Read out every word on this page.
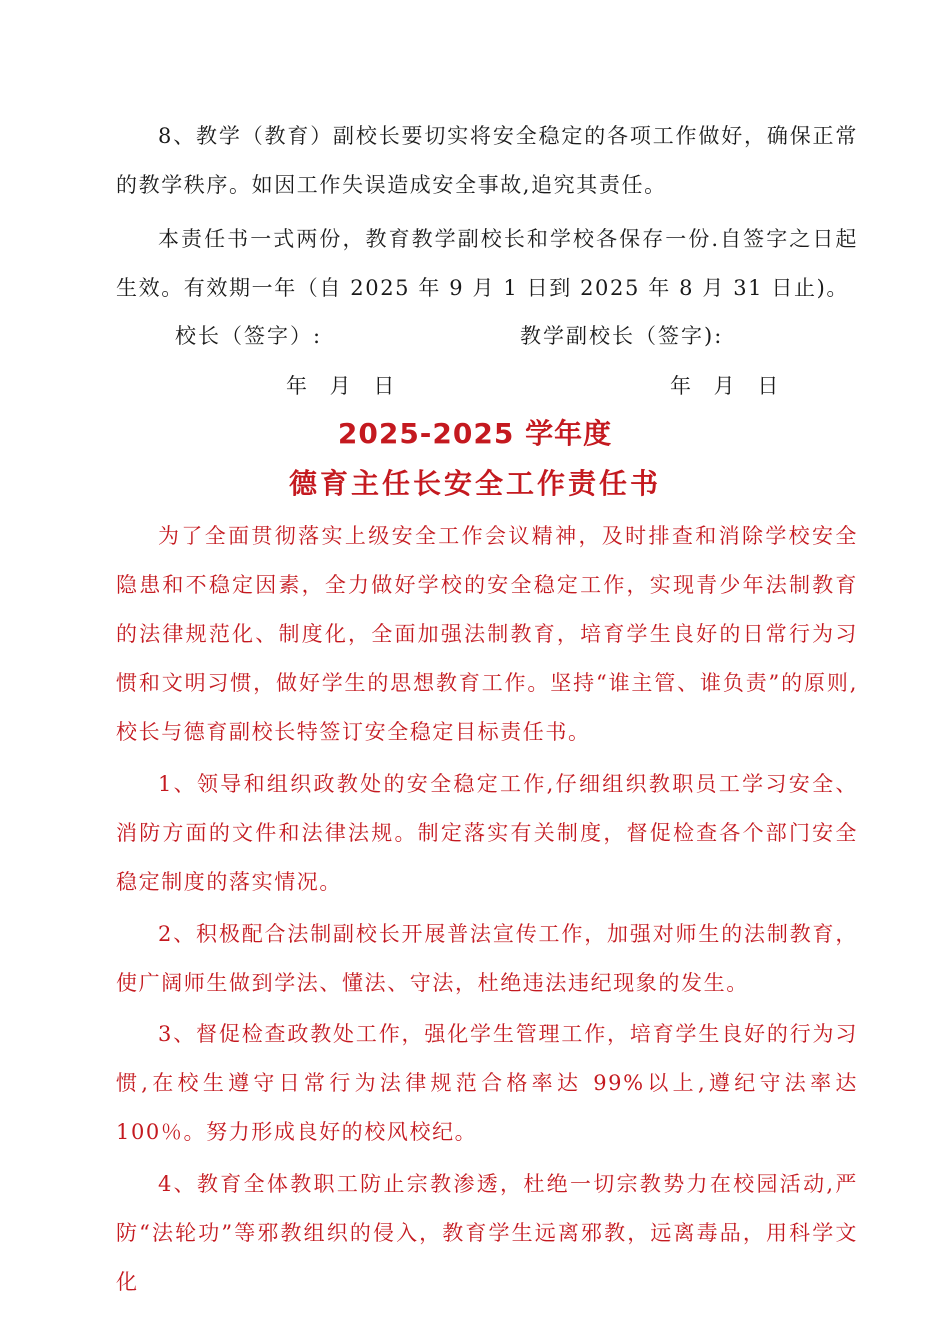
8、教学（教育）副校长要切实将安全稳定的各项工作做好，确保正常的教学秩序。如因工作失误造成安全事故,追究其责任。

本责任书一式两份，教育教学副校长和学校各保存一份.自签字之日起生效。有效期一年（自 2025 年 9 月 1 日到 2025 年 8 月 31 日止)。

校长（签字）:	教学副校长（签字):
年 月 日	年 月 日
2025-2025 学年度
德育主任长安全工作责任书

为了全面贯彻落实上级安全工作会议精神，及时排查和消除学校安全隐患和不稳定因素，全力做好学校的安全稳定工作，实现青少年法制教育的法律规范化、制度化，全面加强法制教育，培育学生良好的日常行为习惯和文明习惯，做好学生的思想教育工作。坚持“谁主管、谁负责”的原则,校长与德育副校长特签订安全稳定目标责任书。

1、领导和组织政教处的安全稳定工作,仔细组织教职员工学习安全、消防方面的文件和法律法规。制定落实有关制度，督促检查各个部门安全稳定制度的落实情况。

2、积极配合法制副校长开展普法宣传工作，加强对师生的法制教育，使广阔师生做到学法、懂法、守法，杜绝违法违纪现象的发生。

3、督促检查政教处工作，强化学生管理工作，培育学生良好的行为习惯,在校生遵守日常行为法律规范合格率达 99%以上,遵纪守法率达 100％。努力形成良好的校风校纪。

4、教育全体教职工防止宗教渗透，杜绝一切宗教势力在校园活动,严防“法轮功”等邪教组织的侵入，教育学生远离邪教，远离毒品，用科学文化
